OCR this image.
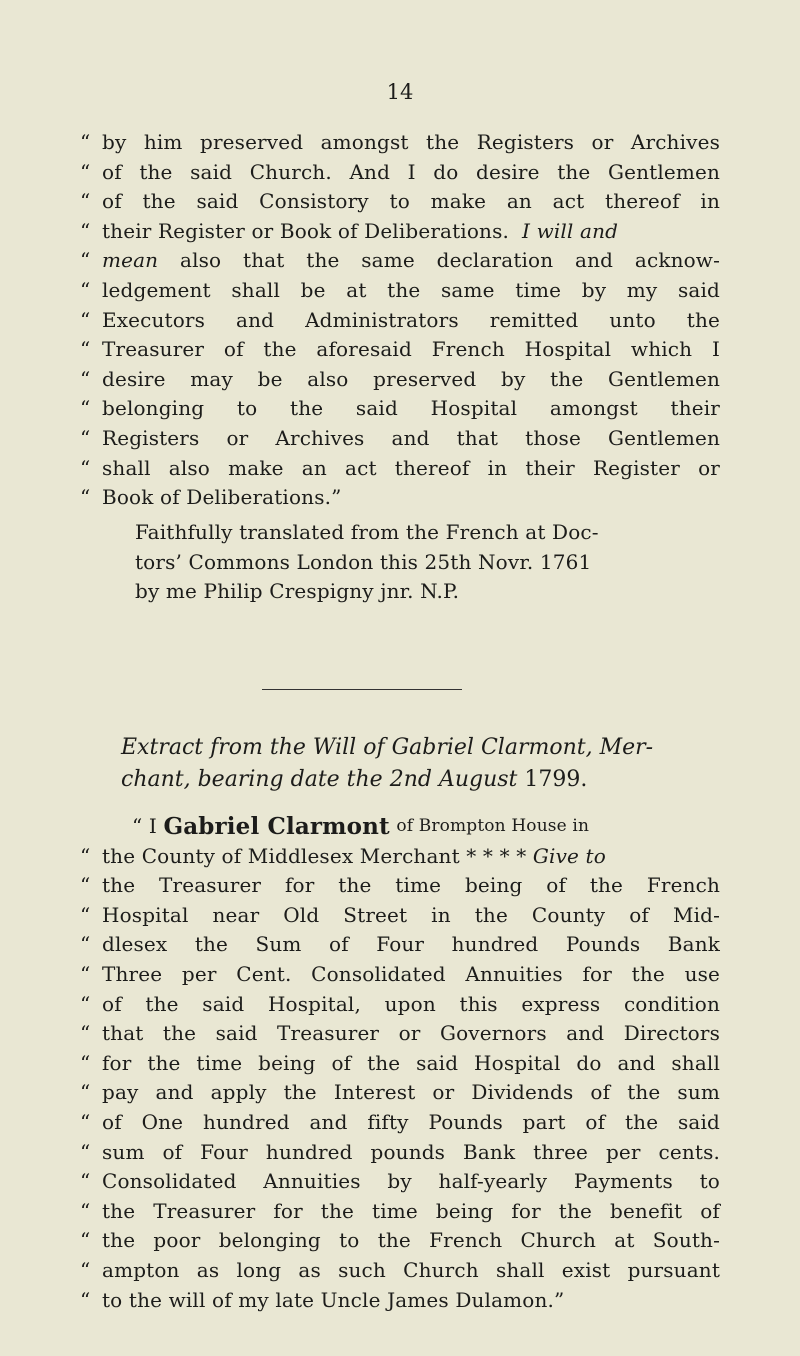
14
“ by him preserved amongst the Registers or Archives
“ of the said Church. And I do desire the Gentlemen
“ of the said Consistory to make an act thereof in
“ their Register or Book of Deliberations.
I will and
“ mean also that the same declaration and acknow-
“ ledgement shall be at the same time by my said
“ Executors and Administrators remitted unto the
“ Treasurer of the aforesaid French Hospital which I
“ desire may be also preserved by the Gentlemen
“ belonging to the said Hospital amongst their
“ Registers or Archives and that those Gentlemen
“ shall also make an act thereof in their Register or
“ Book of Deliberations.”
Faithfully translated from the French at Doc-
tors’ Commons London this 25th Novr. 1761
by me Philip Crespigny jnr. N.P.
Extract from the Will of Gabriel Clarmont, Mer-
chant, bearing date the 2nd August 1799.
“ I
Gabriel Clarmont
of Brompton House in
“ the County of Middlesex Merchant * * * *
Give to
“ the Treasurer for the time being of the French
“ Hospital near Old Street in the County of Mid-
“ dlesex the Sum of Four hundred Pounds Bank
“ Three per Cent. Consolidated Annuities for the use
“ of the said Hospital, upon this express condition
“ that the said Treasurer or Governors and Directors
“ for the time being of the said Hospital do and shall
“ pay and apply the Interest or Dividends of the sum
“ of One hundred and fifty Pounds part of the said
“ sum of Four hundred pounds Bank three per cents.
“ Consolidated Annuities by half-yearly Payments to
“ the Treasurer for the time being for the benefit of
“ the poor belonging to the French Church at South-
“ ampton as long as such Church shall exist pursuant
“ to the will of my late Uncle James Dulamon.”
